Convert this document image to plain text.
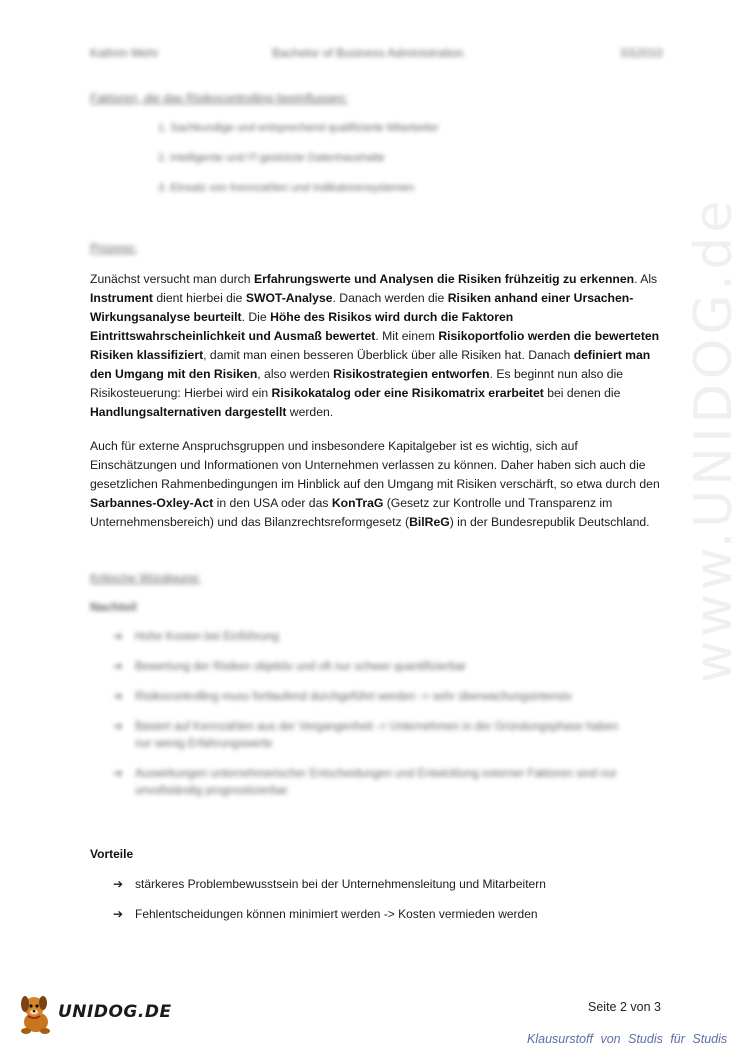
www.UNIDOG.de
Kathrin Mehr	Bachelor of Business Administration	SS2010
Faktoren, die das Risikocontrolling beeinflussen:
1. Sachkundige und entsprechend qualifizierte Mitarbeiter
2. intelligente und IT-gestützte Datenhaushalte
3. Einsatz von Kennzahlen und Indikatorensystemen
Prozess:
Zunächst versucht man durch Erfahrungswerte und Analysen die Risiken frühzeitig zu erkennen. Als Instrument dient hierbei die SWOT-Analyse. Danach werden die Risiken anhand einer Ursachen-Wirkungsanalyse beurteilt. Die Höhe des Risikos wird durch die Faktoren Eintrittswahrscheinlichkeit und Ausmaß bewertet. Mit einem Risikoportfolio werden die bewerteten Risiken klassifiziert, damit man einen besseren Überblick über alle Risiken hat. Danach definiert man den Umgang mit den Risiken, also werden Risikostrategien entworfen. Es beginnt nun also die Risikosteuerung: Hierbei wird ein Risikokatalog oder eine Risikomatrix erarbeitet bei denen die Handlungsalternativen dargestellt werden.
Auch für externe Anspruchsgruppen und insbesondere Kapitalgeber ist es wichtig, sich auf Einschätzungen und Informationen von Unternehmen verlassen zu können. Daher haben sich auch die gesetzlichen Rahmenbedingungen im Hinblick auf den Umgang mit Risiken verschärft, so etwa durch den Sarbannes-Oxley-Act in den USA oder das KonTraG (Gesetz zur Kontrolle und Transparenz im Unternehmensbereich) und das Bilanzrechtsreformgesetz (BilReG) in der Bundesrepublik Deutschland.
Kritische Würdigung:
Nachteil
➔ Hohe Kosten bei Einführung
➔ Bewertung der Risiken objektiv und oft nur schwer quantifizierbar
➔ Risikocontrolling muss fortlaufend durchgeführt werden -> sehr überwachungsintensiv
➔ Basiert auf Kennzahlen aus der Vergangenheit -> Unternehmen in der Gründungsphase haben nur wenig Erfahrungswerte
➔ Auswirkungen unternehmerischer Entscheidungen und Entwicklung externer Faktoren sind nur unvollständig prognostizierbar
Vorteile
➔ stärkeres Problembewusstsein bei der Unternehmensleitung und Mitarbeitern
➔ Fehlentscheidungen können minimiert werden -> Kosten vermieden werden
Seite 2 von 3
UNIDOG.DE
Klausurstoff von Studis für Studis
